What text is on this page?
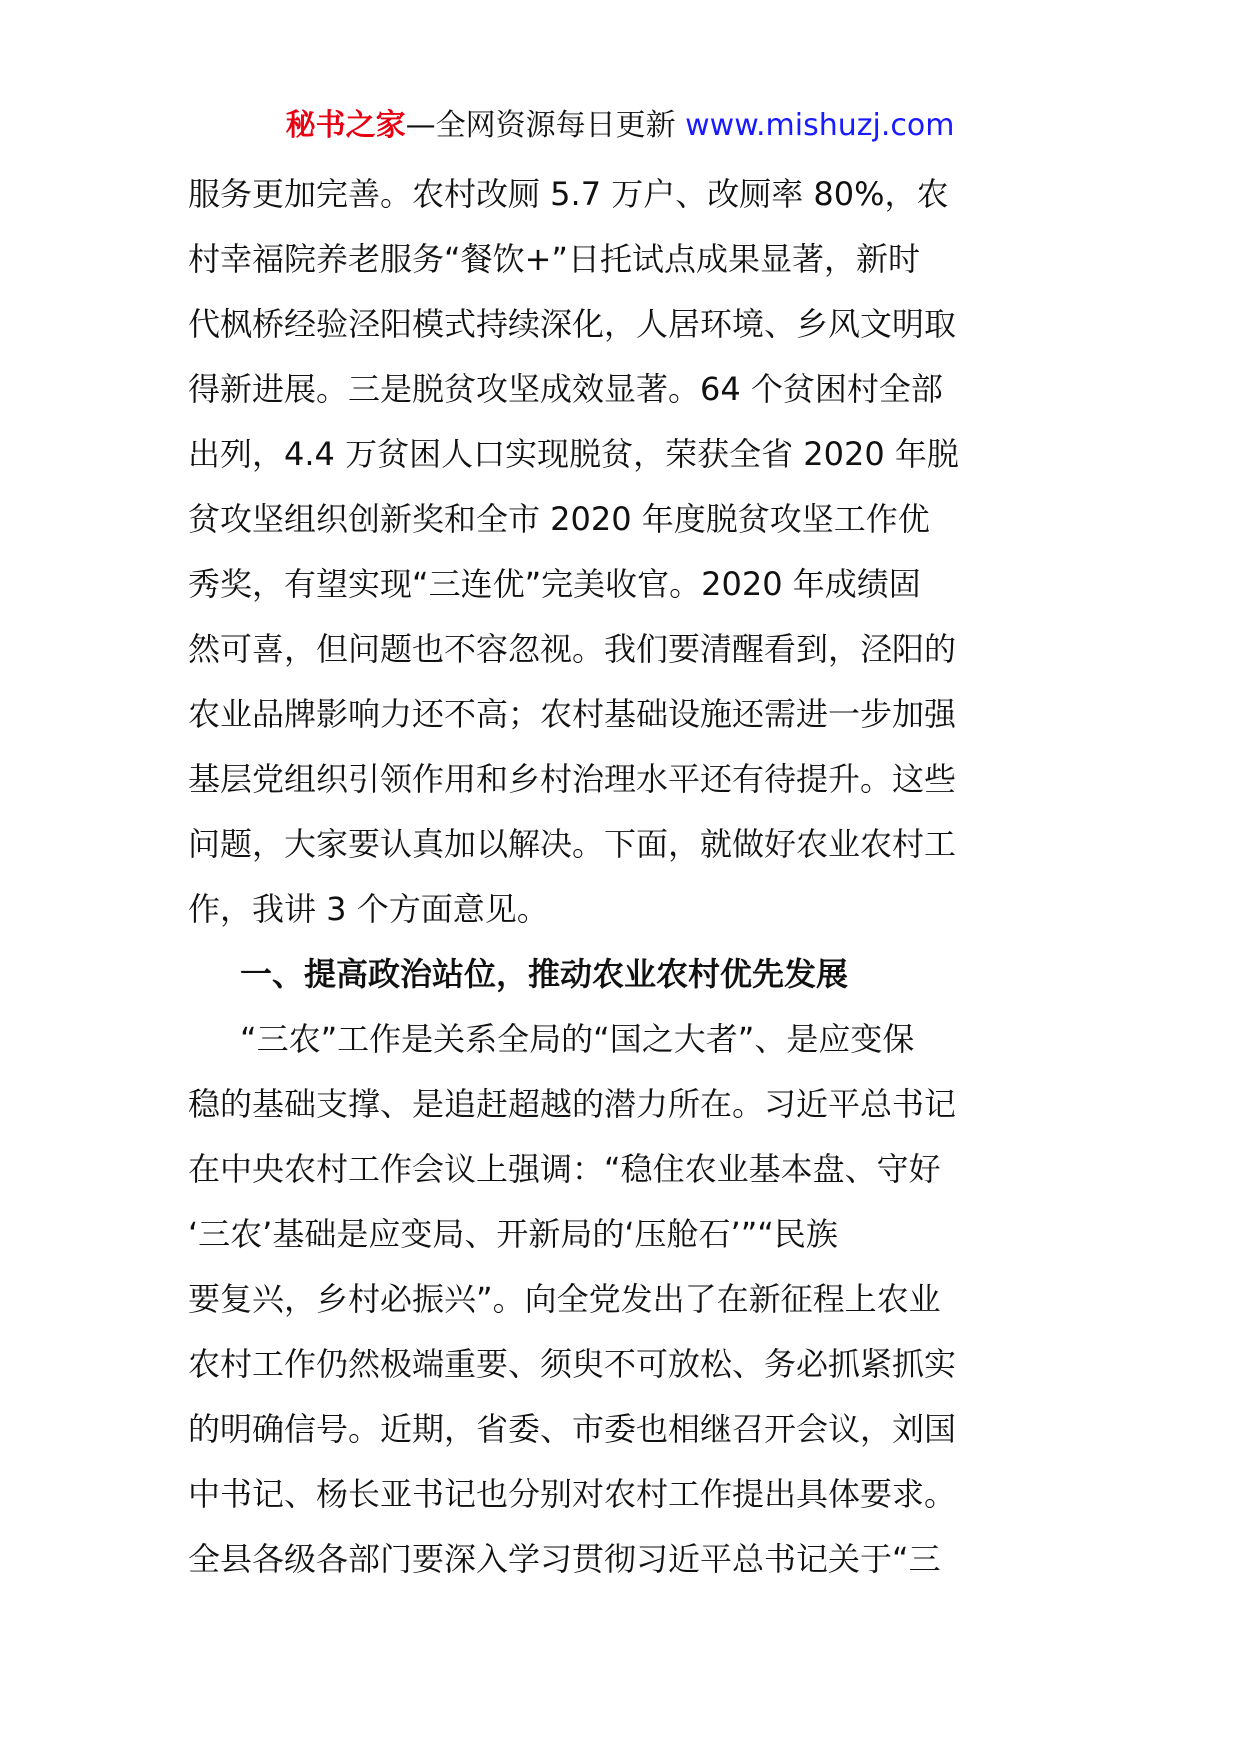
秘书之家—全网资源每日更新 www.mishuzj.com
服务更加完善。农村改厕 5.7 万户、改厕率 80%，农
村幸福院养老服务“餐饮+”日托试点成果显著，新时
代枫桥经验泾阳模式持续深化，人居环境、乡风文明取
得新进展。三是脱贫攻坚成效显著。64 个贫困村全部
出列，4.4 万贫困人口实现脱贫，荣获全省 2020 年脱
贫攻坚组织创新奖和全市 2020 年度脱贫攻坚工作优
秀奖，有望实现“三连优”完美收官。2020 年成绩固
然可喜，但问题也不容忽视。我们要清醒看到，泾阳的
农业品牌影响力还不高；农村基础设施还需进一步加强
基层党组织引领作用和乡村治理水平还有待提升。这些
问题，大家要认真加以解决。下面，就做好农业农村工
作，我讲 3 个方面意见。
一、提高政治站位，推动农业农村优先发展
“三农”工作是关系全局的“国之大者”、是应变保
稳的基础支撑、是追赶超越的潜力所在。习近平总书记
在中央农村工作会议上强调：“稳住农业基本盘、守好
‘三农’基础是应变局、开新局的‘压舱石’”“民族
要复兴，乡村必振兴”。向全党发出了在新征程上农业
农村工作仍然极端重要、须臾不可放松、务必抓紧抓实
的明确信号。近期，省委、市委也相继召开会议，刘国
中书记、杨长亚书记也分别对农村工作提出具体要求。
全县各级各部门要深入学习贯彻习近平总书记关于“三
